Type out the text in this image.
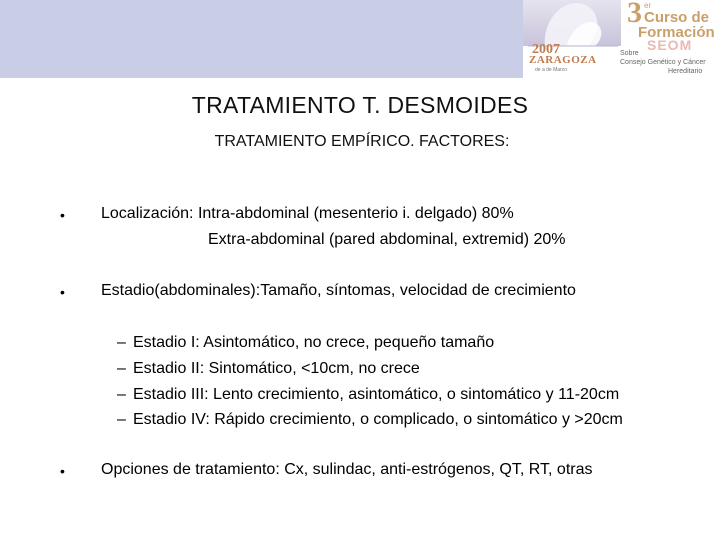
3 er
Curso de
Formación
SEOM
2007
ZARAGOZA
de a de Marzo
Sobre
Consejo Genético y Cáncer
Hereditario
TRATAMIENTO T. DESMOIDES
TRATAMIENTO EMPÍRICO. FACTORES:
• Localización: Intra-abdominal (mesenterio i. delgado) 80%
Extra-abdominal (pared abdominal, extremid) 20%
• Estadio(abdominales):Tamaño, síntomas, velocidad de crecimiento
– Estadio I: Asintomático, no crece, pequeño tamaño
– Estadio II: Sintomático, <10cm, no crece
– Estadio III: Lento crecimiento, asintomático, o sintomático y 11-20cm
– Estadio IV: Rápido crecimiento, o complicado, o sintomático y >20cm
• Opciones de tratamiento: Cx, sulindac, anti-estrógenos, QT, RT, otras
